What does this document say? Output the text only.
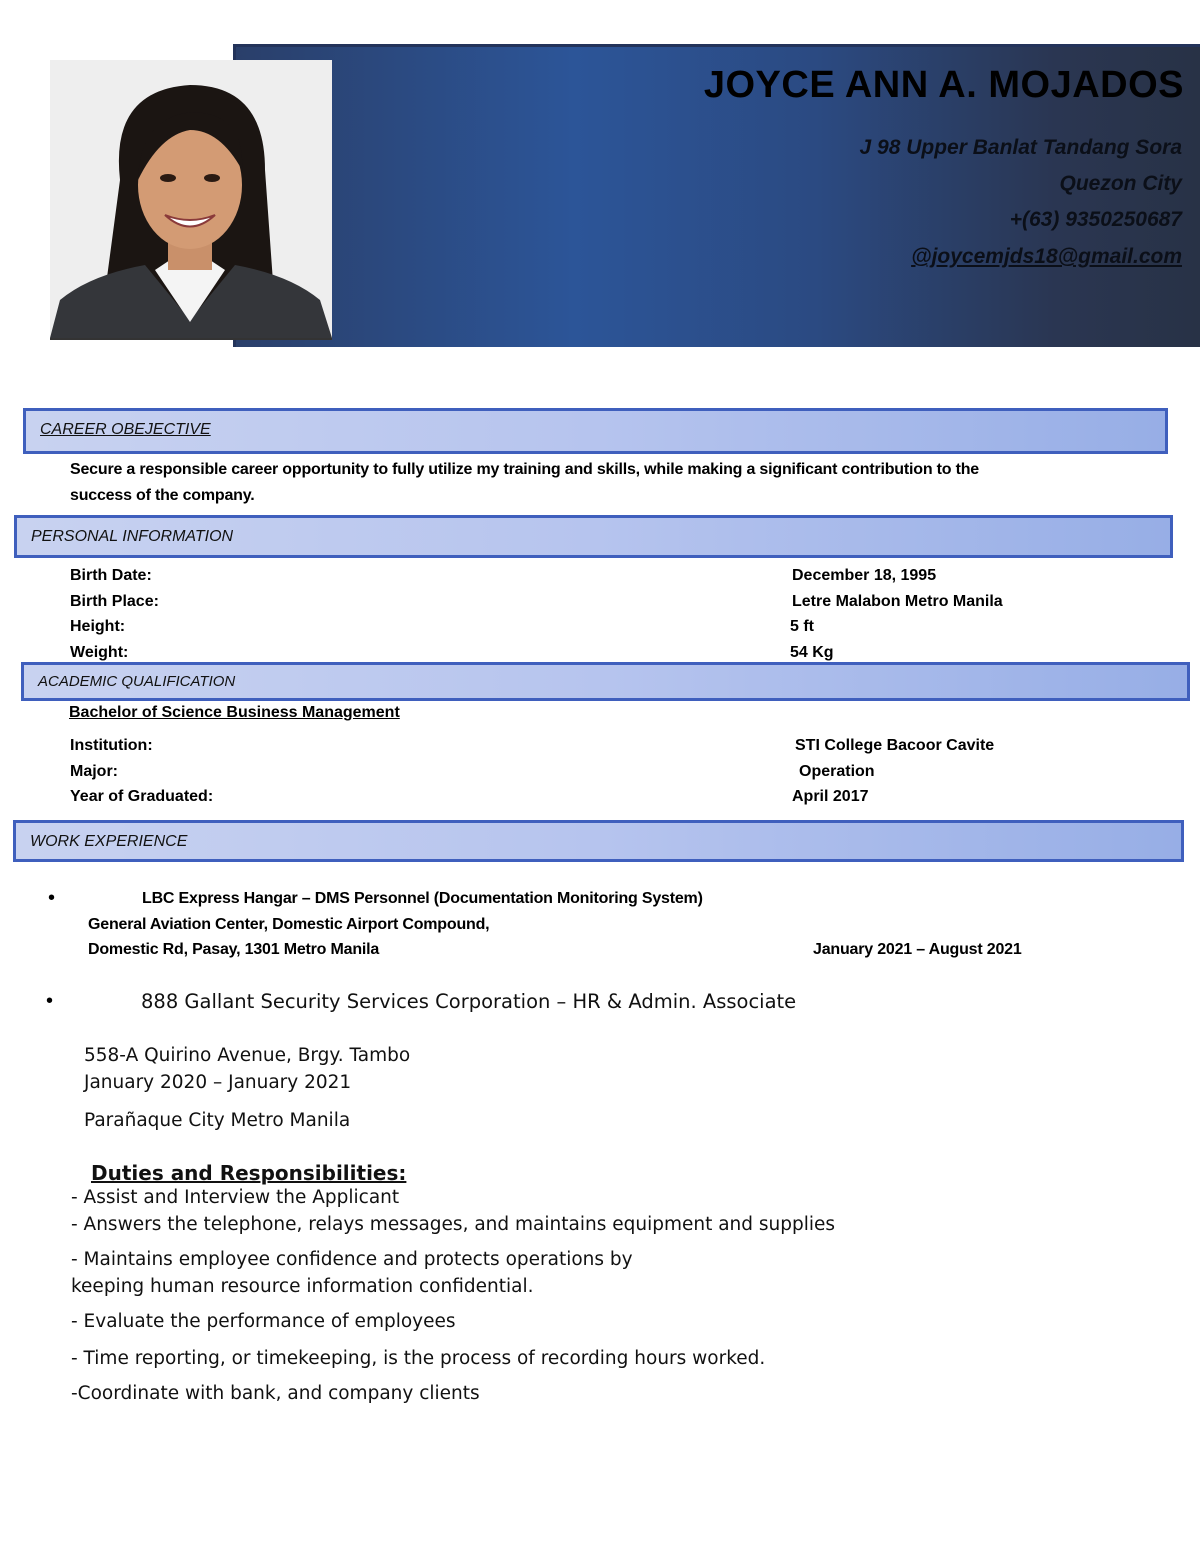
JOYCE ANN A. MOJADOS
J 98 Upper Banlat Tandang Sora
Quezon City
+(63) 9350250687
@joycemjds18@gmail.com
CAREER OBEJECTIVE
Secure a responsible career opportunity to fully utilize my training and skills, while making a significant contribution to the
success of the company.
PERSONAL INFORMATION
Birth Date:	December 18, 1995
Birth Place:	Letre Malabon Metro Manila
Height:	5 ft
Weight:	54 Kg
ACADEMIC QUALIFICATION
Bachelor of Science Business Management
Institution:	STI College Bacoor Cavite
Major:	Operation
Year of Graduated:	April 2017
WORK EXPERIENCE
•	LBC Express Hangar – DMS Personnel (Documentation Monitoring System)
General Aviation Center, Domestic Airport Compound,
Domestic Rd, Pasay, 1301 Metro Manila	January 2021 – August 2021
•	888 Gallant Security Services Corporation – HR & Admin. Associate
558-A Quirino Avenue, Brgy. Tambo
January 2020 – January 2021
Parañaque City Metro Manila
Duties and Responsibilities:
- Assist and Interview the Applicant
- Answers the telephone, relays messages, and maintains equipment and supplies
- Maintains employee confidence and protects operations by
keeping human resource information confidential.
- Evaluate the performance of employees
- Time reporting, or timekeeping, is the process of recording hours worked.
-Coordinate with bank, and company clients
